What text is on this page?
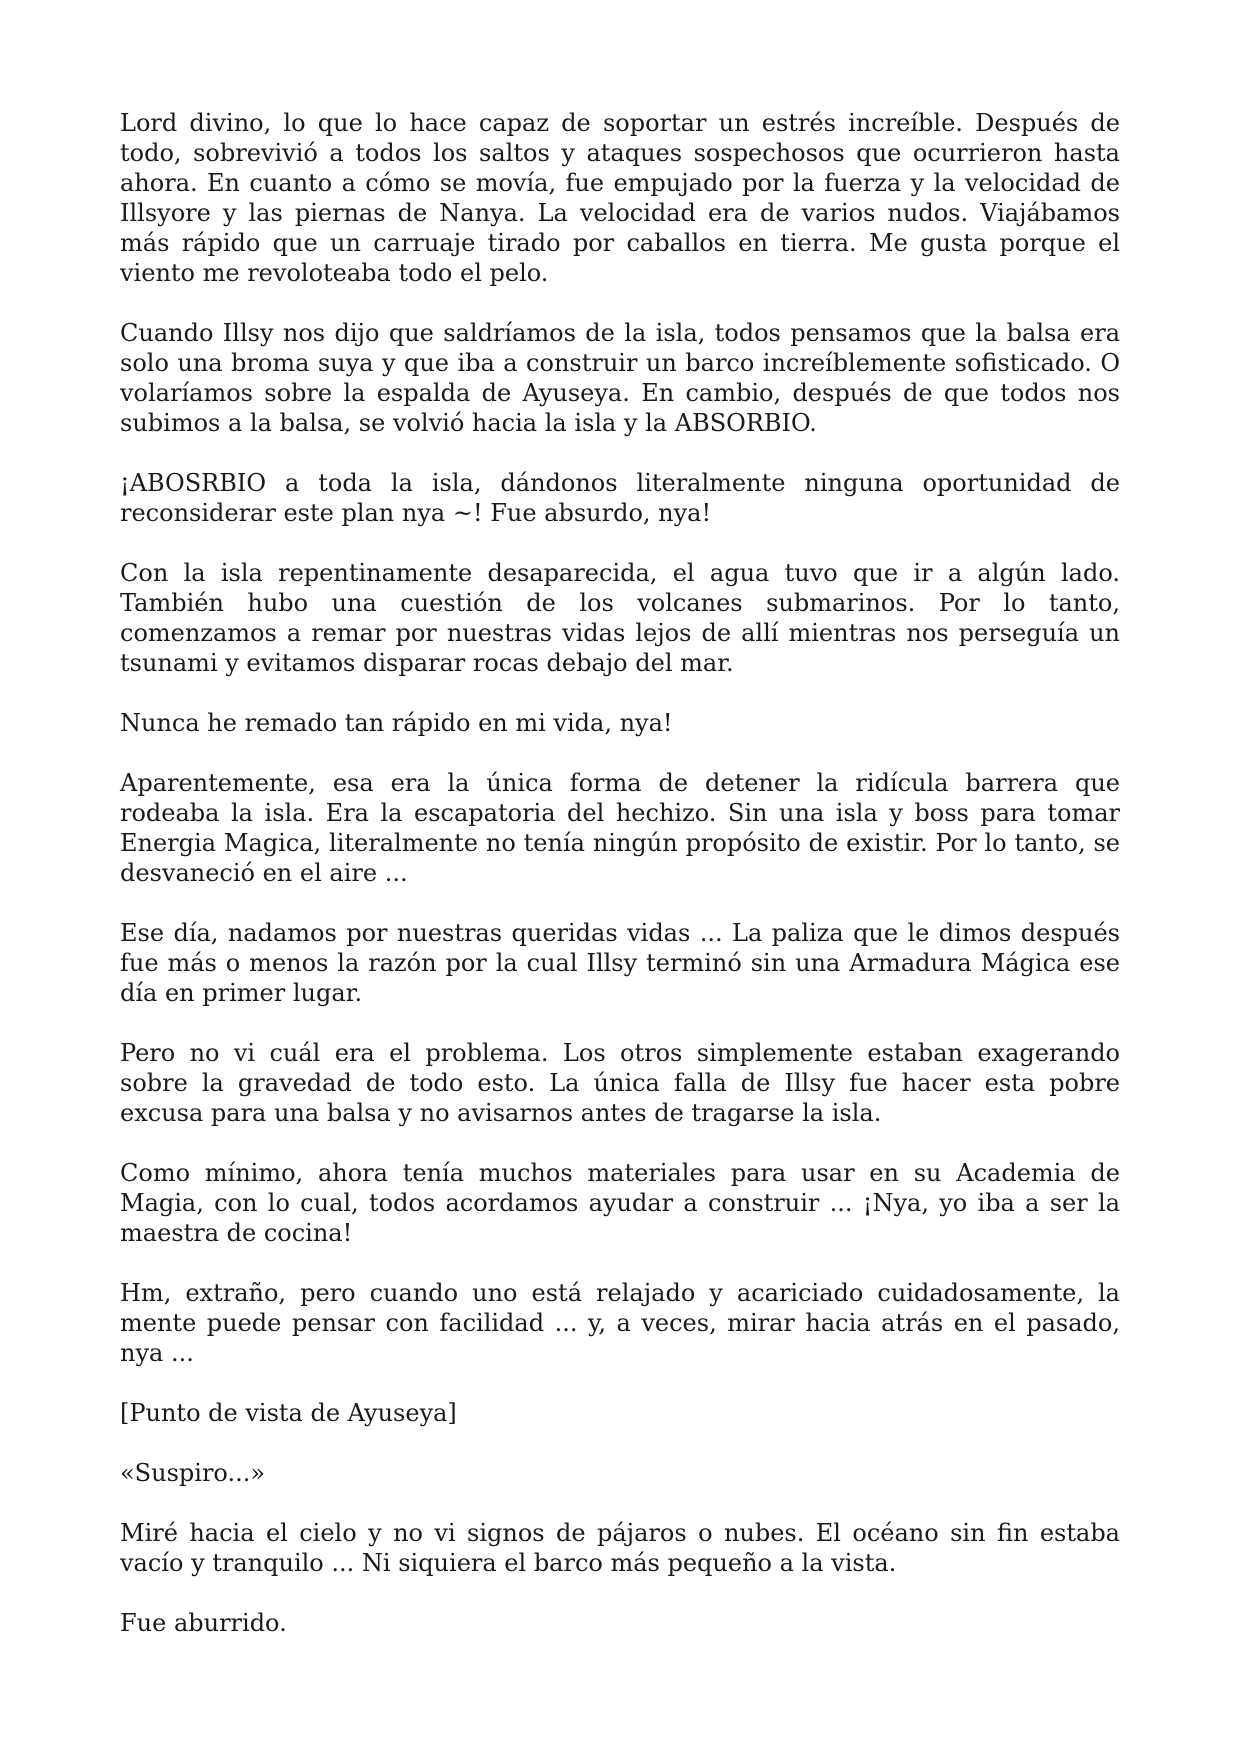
Lord divino, lo que lo hace capaz de soportar un estrés increíble. Después de todo, sobrevivió a todos los saltos y ataques sospechosos que ocurrieron hasta ahora. En cuanto a cómo se movía, fue empujado por la fuerza y la velocidad de Illsyore y las piernas de Nanya. La velocidad era de varios nudos. Viajábamos más rápido que un carruaje tirado por caballos en tierra. Me gusta porque el viento me revoloteaba todo el pelo.

Cuando Illsy nos dijo que saldríamos de la isla, todos pensamos que la balsa era solo una broma suya y que iba a construir un barco increíblemente sofisticado. O volaríamos sobre la espalda de Ayuseya. En cambio, después de que todos nos subimos a la balsa, se volvió hacia la isla y la ABSORBIO.

¡ABOSRBIO a toda la isla, dándonos literalmente ninguna oportunidad de reconsiderar este plan nya ~! Fue absurdo, nya!

Con la isla repentinamente desaparecida, el agua tuvo que ir a algún lado. También hubo una cuestión de los volcanes submarinos. Por lo tanto, comenzamos a remar por nuestras vidas lejos de allí mientras nos perseguía un tsunami y evitamos disparar rocas debajo del mar.

Nunca he remado tan rápido en mi vida, nya!

Aparentemente, esa era la única forma de detener la ridícula barrera que rodeaba la isla. Era la escapatoria del hechizo. Sin una isla y boss para tomar Energia Magica, literalmente no tenía ningún propósito de existir. Por lo tanto, se desvaneció en el aire ...

Ese día, nadamos por nuestras queridas vidas ... La paliza que le dimos después fue más o menos la razón por la cual Illsy terminó sin una Armadura Mágica ese día en primer lugar.

Pero no vi cuál era el problema. Los otros simplemente estaban exagerando sobre la gravedad de todo esto. La única falla de Illsy fue hacer esta pobre excusa para una balsa y no avisarnos antes de tragarse la isla.

Como mínimo, ahora tenía muchos materiales para usar en su Academia de Magia, con lo cual, todos acordamos ayudar a construir ... ¡Nya, yo iba a ser la maestra de cocina!

Hm, extraño, pero cuando uno está relajado y acariciado cuidadosamente, la mente puede pensar con facilidad ... y, a veces, mirar hacia atrás en el pasado, nya ...

[Punto de vista de Ayuseya]

«Suspiro...»

Miré hacia el cielo y no vi signos de pájaros o nubes. El océano sin fin estaba vacío y tranquilo ... Ni siquiera el barco más pequeño a la vista.

Fue aburrido.
